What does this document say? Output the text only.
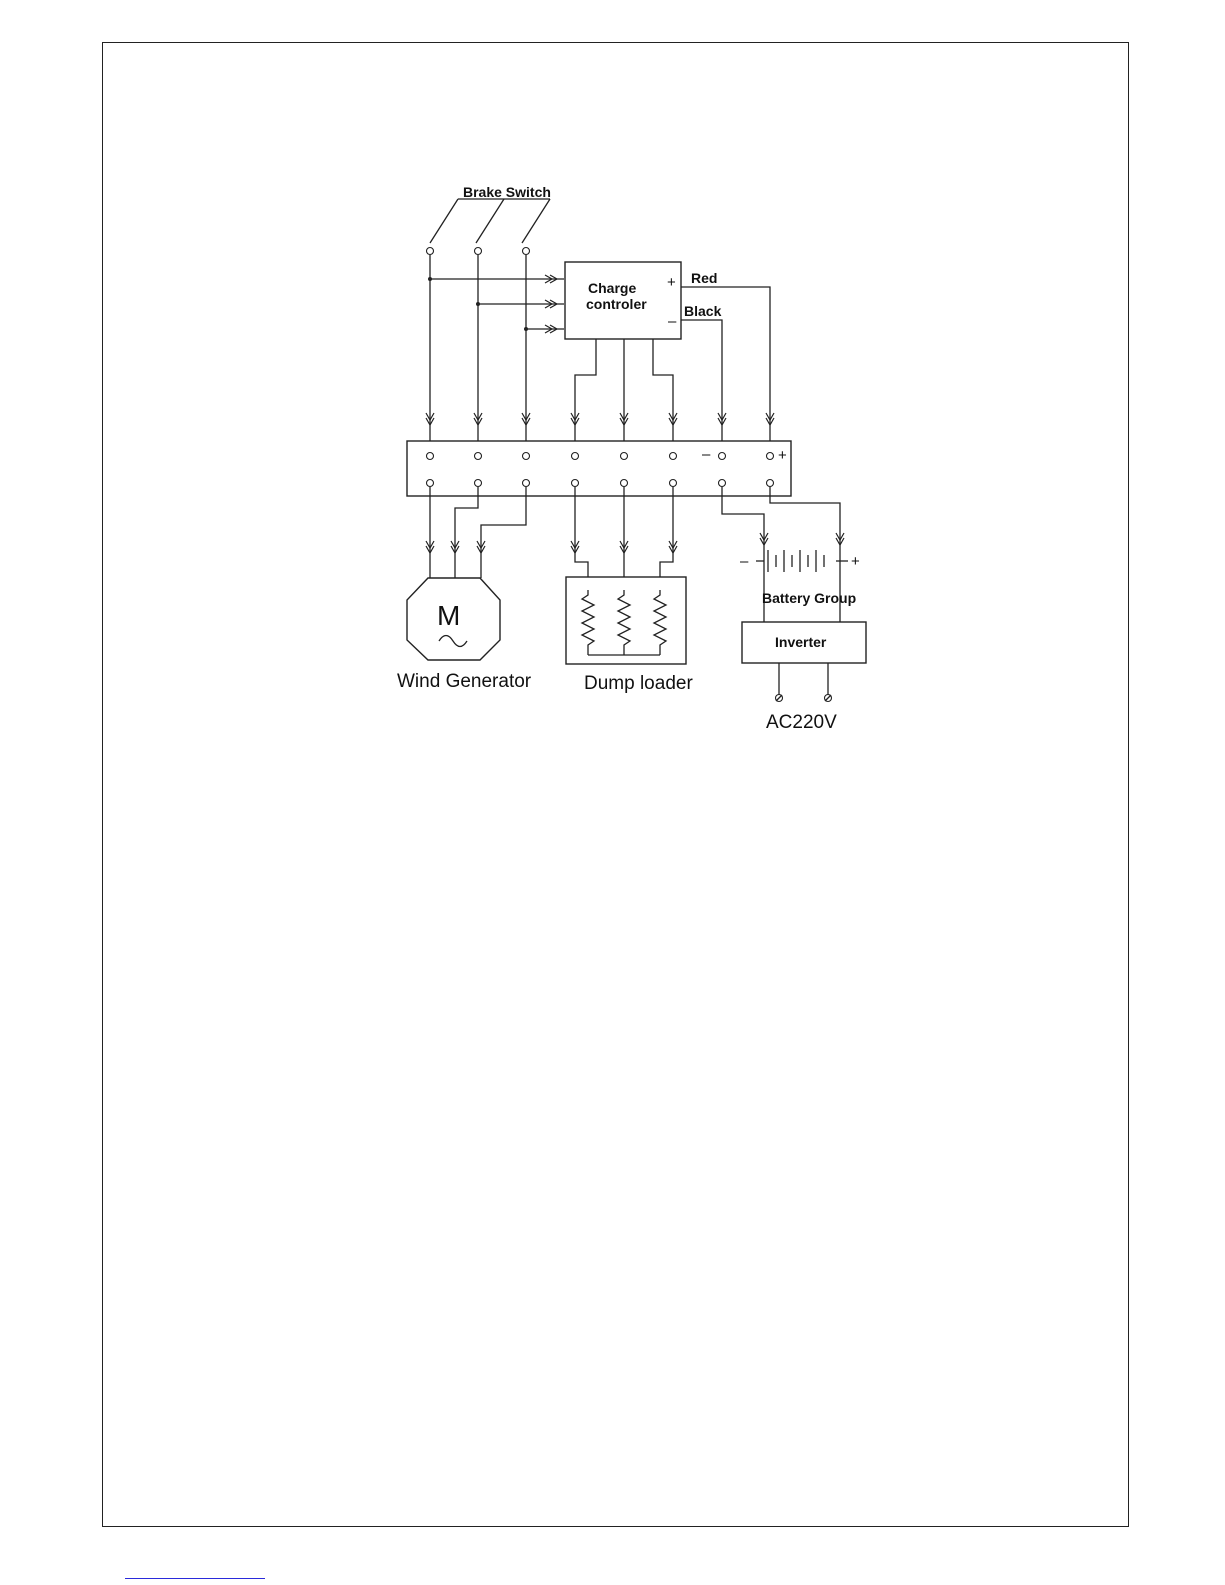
Brake Switch
Charge
controler
+
–
Red
Black
–	+
M
Wind Generator	Dump loader
–	+
Battery Group
Inverter
AC220V
